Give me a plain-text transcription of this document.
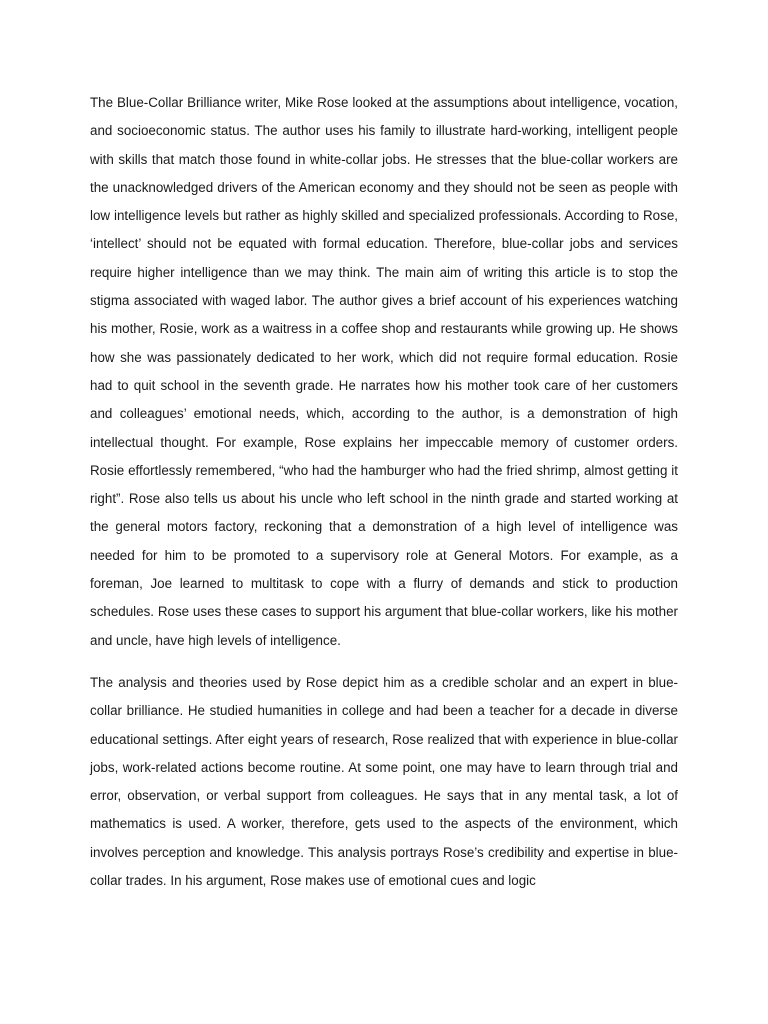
The Blue-Collar Brilliance writer, Mike Rose looked at the assumptions about intelligence, vocation, and socioeconomic status. The author uses his family to illustrate hard-working, intelligent people with skills that match those found in white-collar jobs. He stresses that the blue-collar workers are the unacknowledged drivers of the American economy and they should not be seen as people with low intelligence levels but rather as highly skilled and specialized professionals. According to Rose, ‘intellect’ should not be equated with formal education. Therefore, blue-collar jobs and services require higher intelligence than we may think. The main aim of writing this article is to stop the stigma associated with waged labor. The author gives a brief account of his experiences watching his mother, Rosie, work as a waitress in a coffee shop and restaurants while growing up. He shows how she was passionately dedicated to her work, which did not require formal education. Rosie had to quit school in the seventh grade. He narrates how his mother took care of her customers and colleagues’ emotional needs, which, according to the author, is a demonstration of high intellectual thought. For example, Rose explains her impeccable memory of customer orders. Rosie effortlessly remembered, “who had the hamburger who had the fried shrimp, almost getting it right”. Rose also tells us about his uncle who left school in the ninth grade and started working at the general motors factory, reckoning that a demonstration of a high level of intelligence was needed for him to be promoted to a supervisory role at General Motors. For example, as a foreman, Joe learned to multitask to cope with a flurry of demands and stick to production schedules. Rose uses these cases to support his argument that blue-collar workers, like his mother and uncle, have high levels of intelligence.

The analysis and theories used by Rose depict him as a credible scholar and an expert in blue-collar brilliance. He studied humanities in college and had been a teacher for a decade in diverse educational settings. After eight years of research, Rose realized that with experience in blue-collar jobs, work-related actions become routine. At some point, one may have to learn through trial and error, observation, or verbal support from colleagues. He says that in any mental task, a lot of mathematics is used. A worker, therefore, gets used to the aspects of the environment, which involves perception and knowledge. This analysis portrays Rose’s credibility and expertise in blue-collar trades. In his argument, Rose makes use of emotional cues and logic
